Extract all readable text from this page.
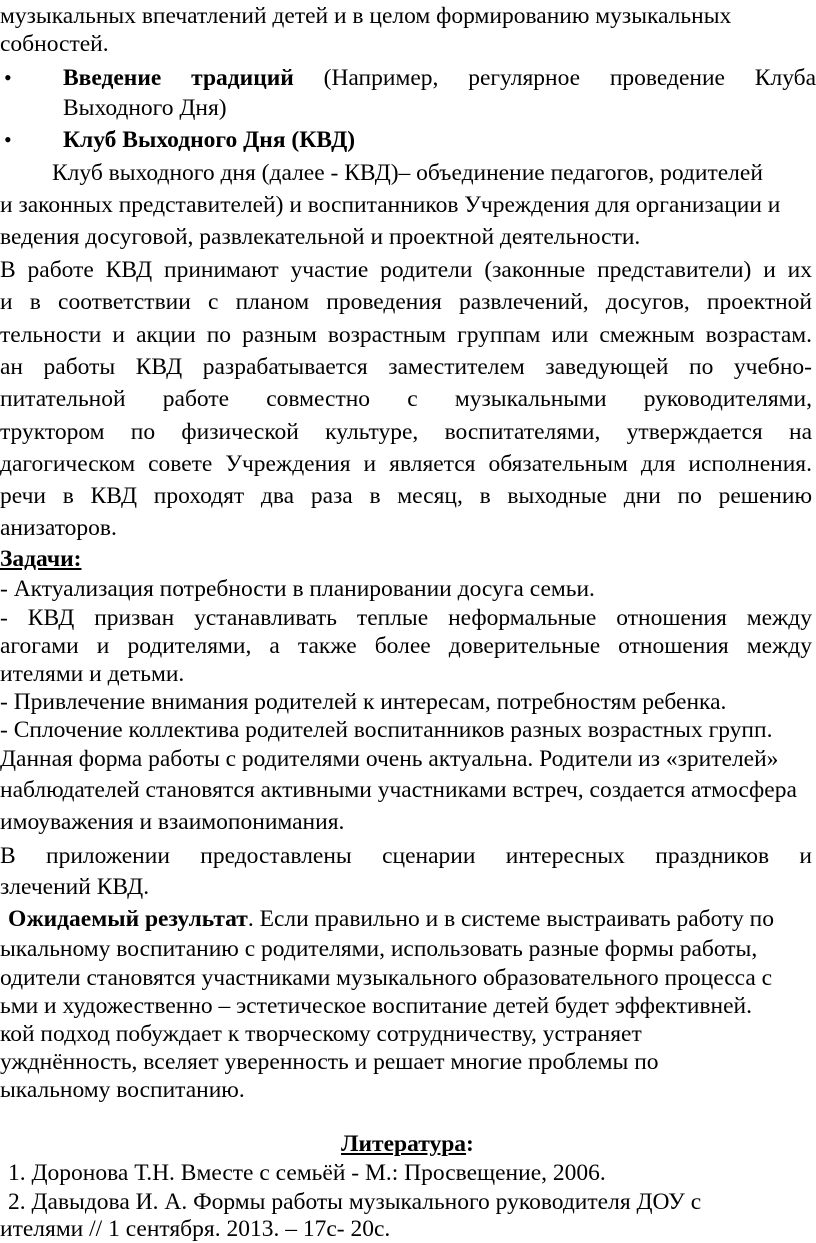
музыкальных впечатлений детей и в целом формированию музыкальных
собностей.
• Введение традиций (Например, регулярное проведение Клуба
Выходного Дня)
• Клуб Выходного Дня (КВД)
Клуб выходного дня (далее - КВД)– объединение педагогов, родителей
и законных представителей) и воспитанников Учреждения для организации и
ведения досуговой, развлекательной и проектной деятельности.
В работе КВД принимают участие родители (законные представители) и их
и в соответствии с планом проведения развлечений, досугов, проектной
тельности и акции по разным возрастным группам или смежным возрастам.
ан работы КВД разрабатывается заместителем заведующей по учебно-
питательной работе совместно с музыкальными руководителями,
труктором по физической культуре, воспитателями, утверждается на
дагогическом совете Учреждения и является обязательным для исполнения.
речи в КВД проходят два раза в месяц, в выходные дни по решению
анизаторов.
Задачи:
- Актуализация потребности в планировании досуга семьи.
- КВД призван устанавливать теплые неформальные отношения между
агогами и родителями, а также более доверительные отношения между
ителями и детьми.
- Привлечение внимания родителей к интересам, потребностям ребенка.
- Сплочение коллектива родителей воспитанников разных возрастных групп.
Данная форма работы с родителями очень актуальна. Родители из «зрителей»
наблюдателей становятся активными участниками встреч, создается атмосфера
имоуважения и взаимопонимания.
В приложении предоставлены сценарии интересных праздников и
злечений КВД.
Ожидаемый результат. Если правильно и в системе выстраивать работу по
ыкальному воспитанию с родителями, использовать разные формы работы,
одители становятся участниками музыкального образовательного процесса с
ьми и художественно – эстетическое воспитание детей будет эффективней.
кой подход побуждает к творческому сотрудничеству, устраняет
ужднённость, вселяет уверенность и решает многие проблемы по
ыкальному воспитанию.
Литература:
1. Доронова Т.Н. Вместе с семьёй - М.: Просвещение, 2006.
2. Давыдова И. А. Формы работы музыкального руководителя ДОУ с
ителями // 1 сентября. 2013. – 17с- 20с.
